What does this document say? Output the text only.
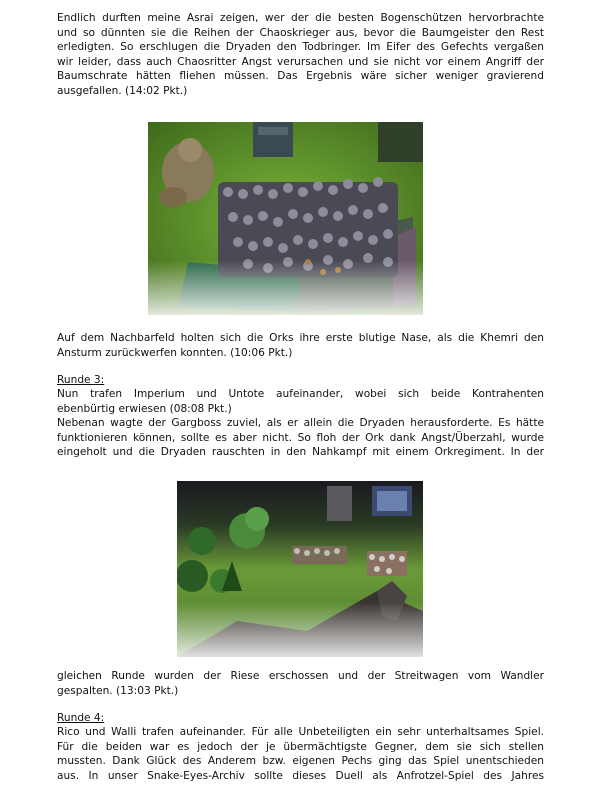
Endlich durften meine Asrai zeigen, wer der die besten Bogenschützen hervorbrachte
und so dünnten sie die Reihen der Chaoskrieger aus, bevor die Baumgeister den Rest
erledigten. So erschlugen die Dryaden den Todbringer. Im Eifer des Gefechts vergaßen
wir leider, dass auch Chaosritter Angst verursachen und sie nicht vor einem Angriff der
Baumschrate hätten fliehen müssen. Das Ergebnis wäre sicher weniger gravierend
ausgefallen. (14:02 Pkt.)
Auf dem Nachbarfeld holten sich die Orks ihre erste blutige Nase, als die Khemri den
Ansturm zurückwerfen konnten. (10:06 Pkt.)
Runde 3:
Nun trafen Imperium und Untote aufeinander, wobei sich beide Kontrahenten
ebenbürtig erwiesen (08:08 Pkt.)
Nebenan wagte der Gargboss zuviel, als er allein die Dryaden herausforderte. Es hätte
funktionieren können, sollte es aber nicht. So floh der Ork dank Angst/Überzahl, wurde
eingeholt und die Dryaden rauschten in den Nahkampf mit einem Orkregiment. In der
gleichen Runde wurden der Riese erschossen und der Streitwagen vom Wandler
gespalten. (13:03 Pkt.)
Runde 4:
Rico und Walli trafen aufeinander. Für alle Unbeteiligten ein sehr unterhaltsames Spiel.
Für die beiden war es jedoch der je übermächtigste Gegner, dem sie sich stellen
mussten. Dank Glück des Anderem bzw. eigenen Pechs ging das Spiel unentschieden
aus. In unser Snake-Eyes-Archiv sollte dieses Duell als Anfrotzel-Spiel des Jahres
